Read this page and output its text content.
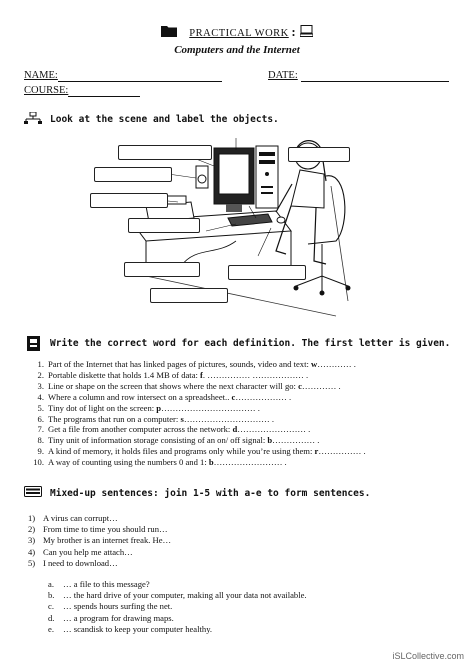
PRACTICAL WORK :
Computers and the Internet
NAME:	DATE:
COURSE:
Look at the scene and label the objects.
Write the correct word for each definition. The first letter is given.
1. Part of the Internet that has linked pages of pictures, sounds, video and text: w………… .
2. Portable diskette that holds 1.4 MB of data: f. …………… ……………… .
3. Line or shape on the screen that shows where the next character will go: c………… .
4. Where a column and row intersect on a spreadsheet.. c……………… .
5. Tiny dot of light on the screen: p…………………………… .
6. The programs that run on a computer: s………………………… .
7. Get a file from another computer across the network: d…………………… .
8. Tiny unit of information storage consisting of an on/ off signal: b…………… .
9. A kind of memory, it holds files and programs only while you’re using them: r…………… .
10. A way of counting using the numbers 0 and 1: b…………………… .
Mixed-up sentences: join 1-5 with a-e to form sentences.
1) A virus can corrupt…
2) From time to time you should run…
3) My brother is an internet freak. He…
4) Can you help me attach…
5) I need to download…
a. … a file to this message?
b. … the hard drive of your computer, making all your data not available.
c. … spends hours surfing the net.
d. … a program for drawing maps.
e. … scandisk to keep your computer healthy.
iSLCollective.com
